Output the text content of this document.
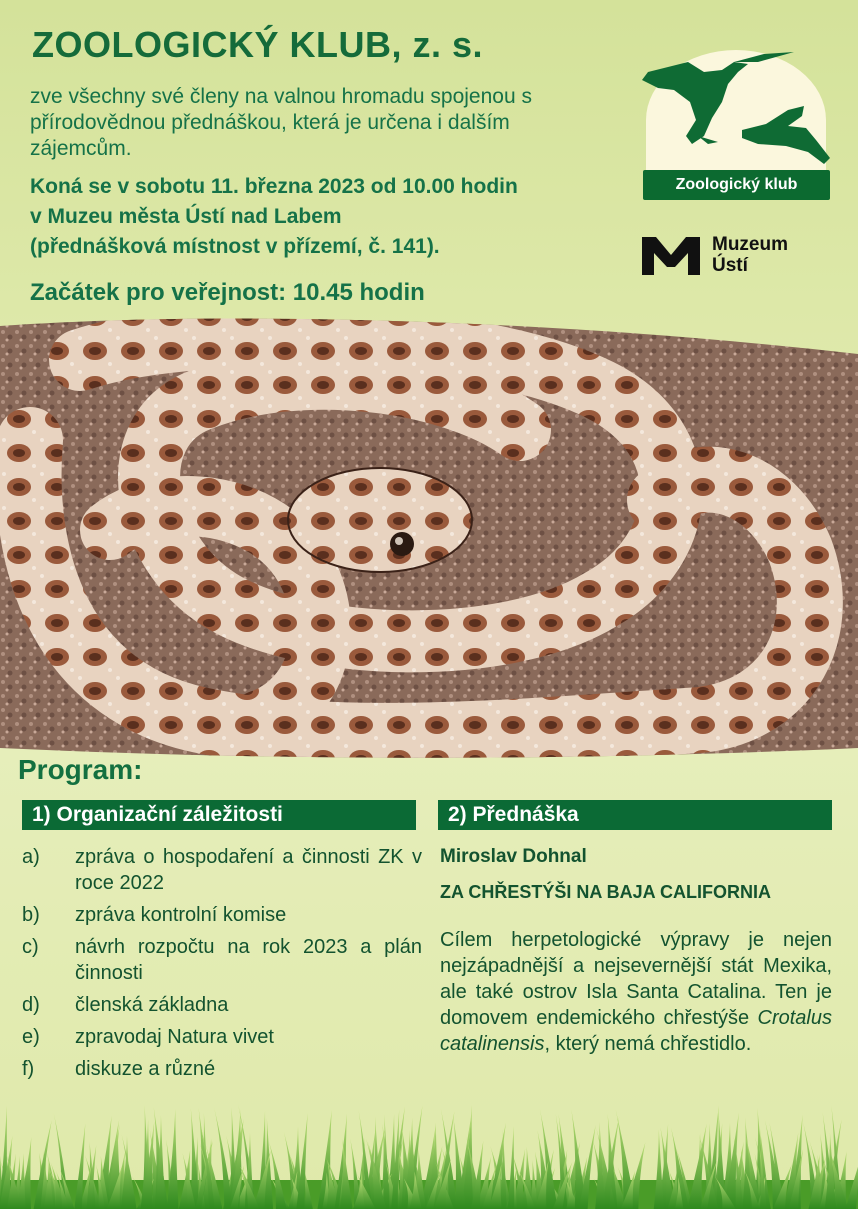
ZOOLOGICKÝ KLUB, z. s.
zve všechny své členy na valnou hromadu spojenou s přírodovědnou přednáškou, která je určena i dalším zájemcům.
Koná se v sobotu 11. března 2023 od 10.00 hodin
v Muzeu města Ústí nad Labem
(přednášková místnost v přízemí, č. 141).
Začátek pro veřejnost: 10.45 hodin
Zoologický klub
Muzeum
Ústí
Program:
1) Organizační záležitosti	2) Přednáška
a) zpráva o hospodaření a činnosti ZK v roce 2022
b) zpráva kontrolní komise
c) návrh rozpočtu na rok 2023 a plán činnosti
d) členská základna
e) zpravodaj Natura vivet
f) diskuze a různé
Miroslav Dohnal
ZA CHŘESTÝŠI NA BAJA CALIFORNIA

Cílem herpetologické výpravy je nejen nejzápadnější a nejsevernější stát Mexika, ale také ostrov Isla Santa Catalina. Ten je domovem endemického chřestýše Crotalus catalinensis, který nemá chřestidlo.
